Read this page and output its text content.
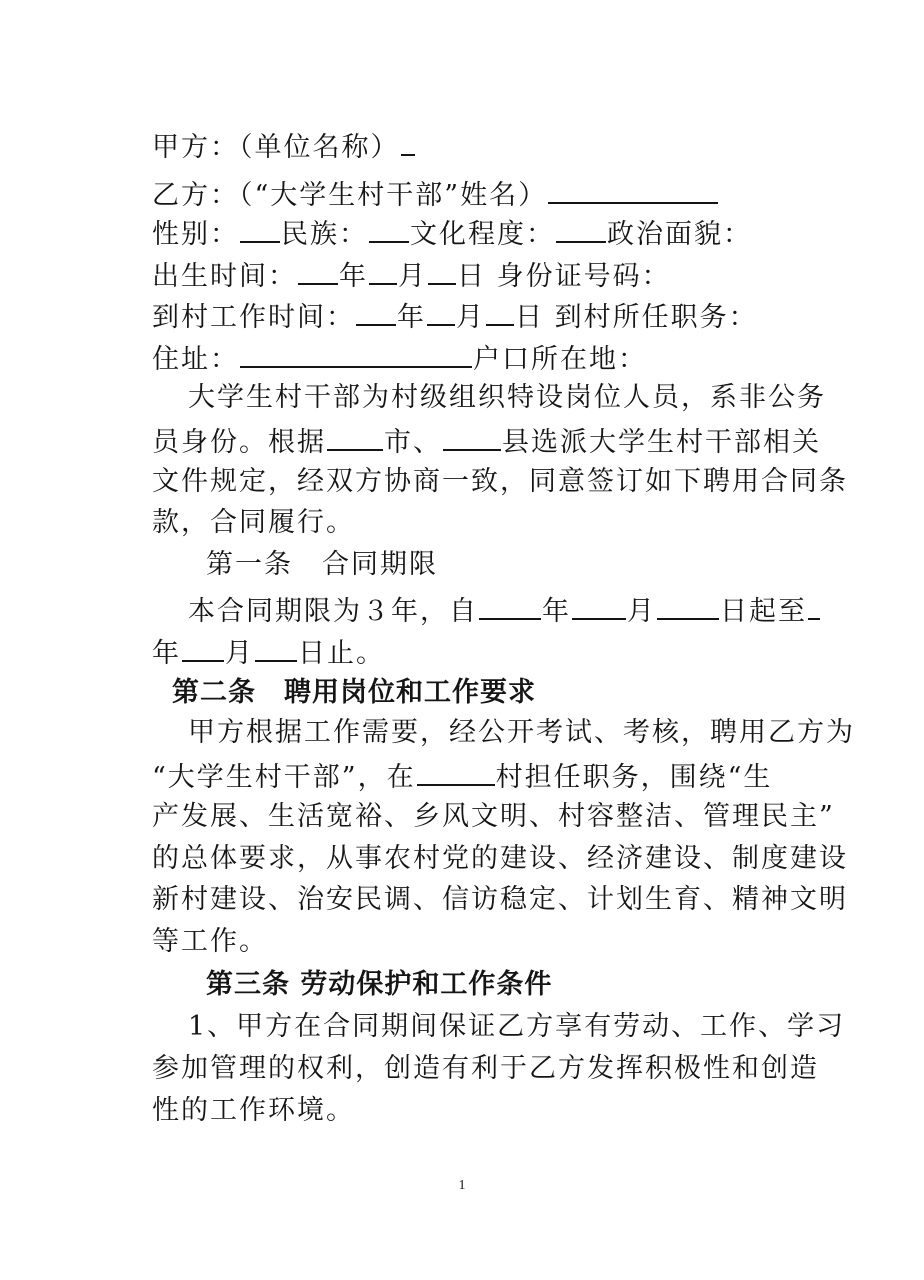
甲方：（单位名称）
乙方：（“大学生村干部”姓名）
性别： 民族： 文化程度： 政治面貌：
出生时间： 年 月 日 身份证号码：
到村工作时间： 年 月 日 到村所任职务：
住址：	户口所在地：
大学生村干部为村级组织特设岗位人员，系非公务
员身份。根据 市、 县选派大学生村干部相关
文件规定，经双方协商一致，同意签订如下聘用合同条
款，合同履行。
第一条　合同期限
本合同期限为３年，自 年 月 日起至
年 月 日止。
第二条　聘用岗位和工作要求
甲方根据工作需要，经公开考试、考核，聘用乙方为
“大学生村干部”，在	村担任职务，围绕“生
产发展、生活宽裕、乡风文明、村容整洁、管理民主”
的总体要求，从事农村党的建设、经济建设、制度建设
新村建设、治安民调、信访稳定、计划生育、精神文明
等工作。
第三条 劳动保护和工作条件
1、甲方在合同期间保证乙方享有劳动、工作、学习
参加管理的权利，创造有利于乙方发挥积极性和创造
性的工作环境。
1
